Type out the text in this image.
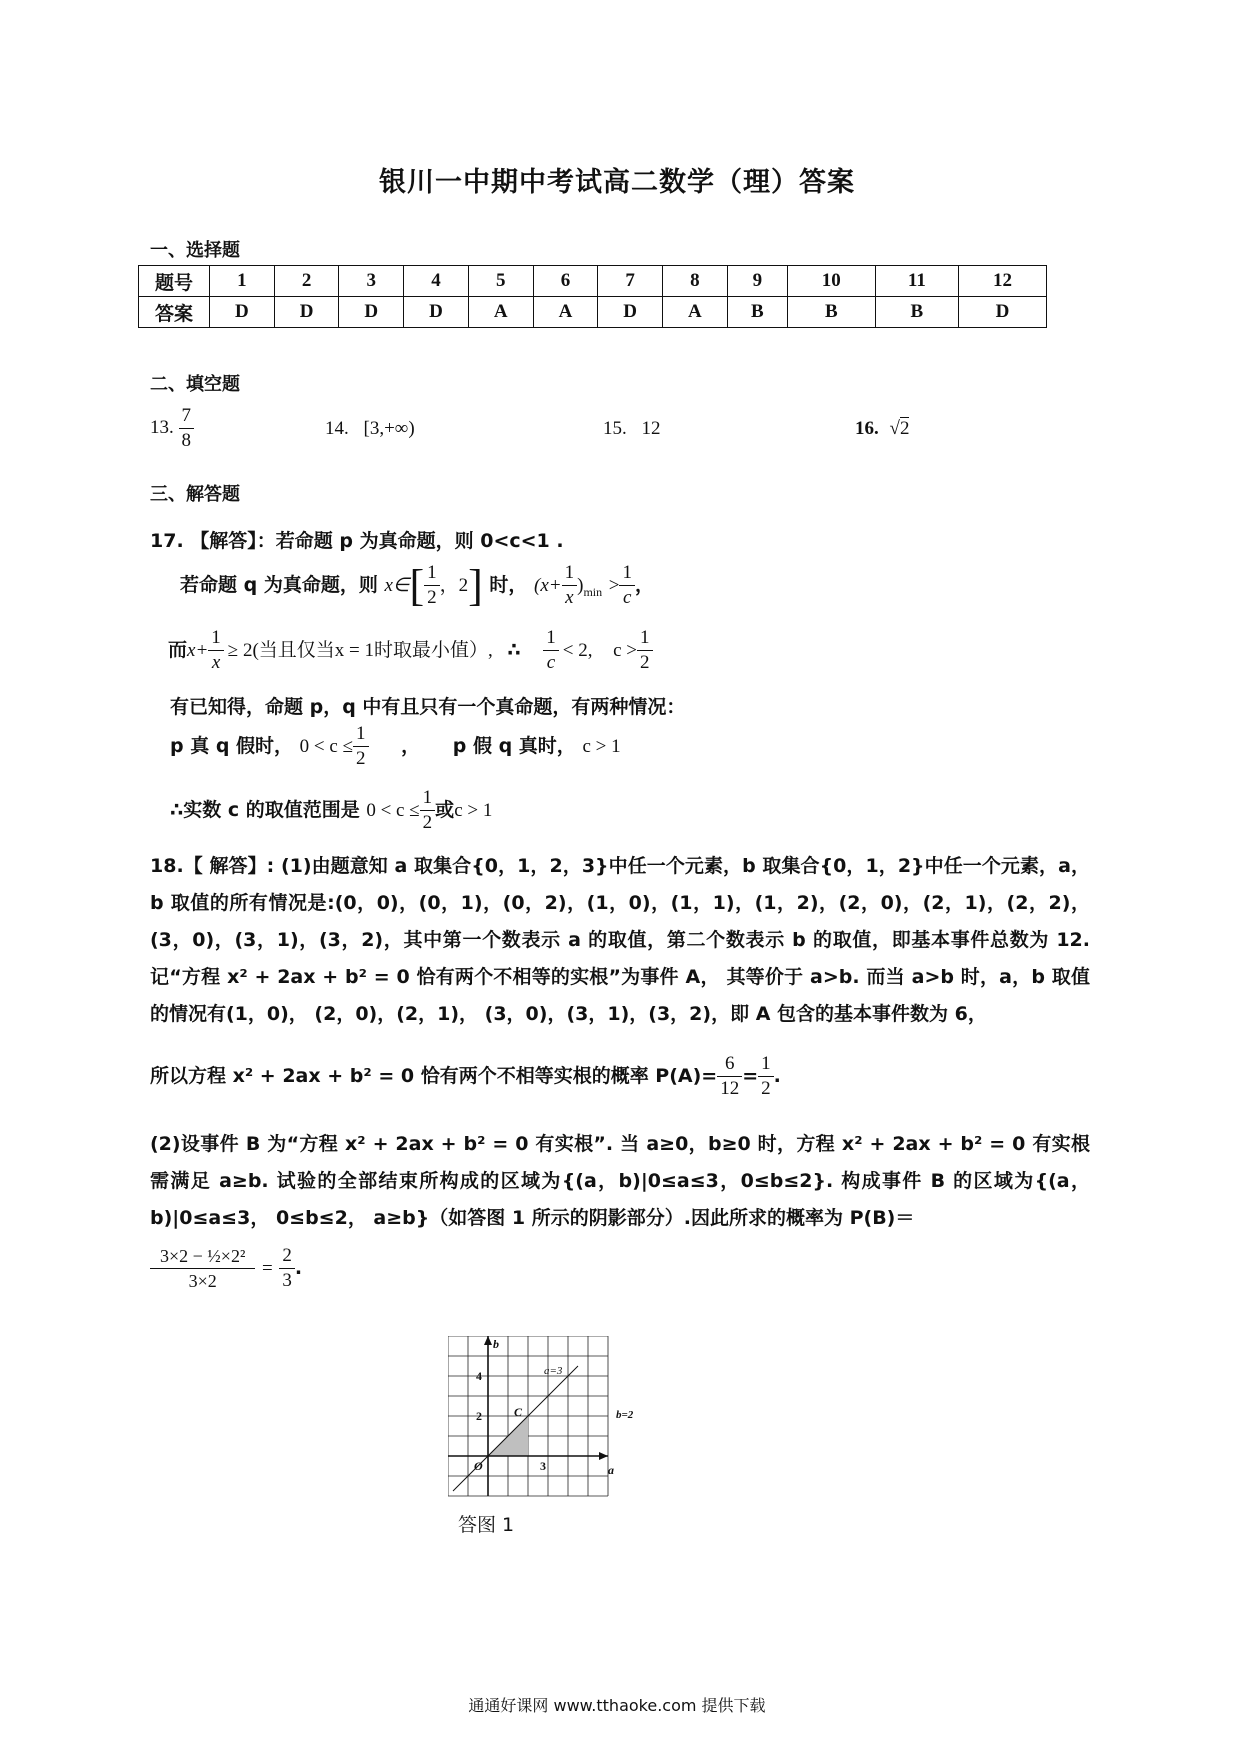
银川一中期中考试高二数学（理）答案
一、选择题
题号	1	2	3	4	5	6	7	8	9	10	11	12
答案	D	D	D	D	A	A	D	A	B	B	B	D
二、填空题
13. $\frac{7}{8}$	14. [3,+∞)	15. 12	16. √2
三、解答题
17. 【解答】：若命题 p 为真命题，则 0<c<1 .
若命题 q 为真命题，则 x∈[ $\frac{1}{2}$ ，2] 时， $(x+ \frac{1}{x} )_{min} > \frac{1}{c}$ ，
而$x+ \frac{1}{x} \ge 2$(当且仅当x = 1时取最小值）, ∴ $\frac{1}{c} < 2$, $c > \frac{1}{2}$
有已知得，命题 p，q 中有且只有一个真命题，有两种情况：
p 真 q 假时， $0 < c \le \frac{1}{2}$ ， p 假 q 真时， c > 1
∴实数 c 的取值范围是 $0 < c \le \frac{1}{2}$ 或c > 1
18.【 解答】: (1)由题意知 a 取集合{0，1，2，3}中任一个元素，b 取集合{0，1，2}中任一个元素，a，b 取值的所有情况是:(0，0)，(0，1)，(0，2)，(1，0)，(1，1)，(1，2)，(2，0)，(2，1)，(2，2)，(3，0)，(3，1)，(3，2)，其中第一个数表示 a 的取值，第二个数表示 b 的取值，即基本事件总数为 12. 记“方程 x² + 2ax + b² = 0 恰有两个不相等的实根”为事件 A， 其等价于 a>b. 而当 a>b 时，a，b 取值的情况有(1，0)， (2，0)，(2，1)， (3，0)，(3，1)，(3，2)，即 A 包含的基本事件数为 6，
所以方程 x² + 2ax + b² = 0 恰有两个不相等实根的概率 $P(A)= \frac{6}{12} = \frac{1}{2}$ .
(2)设事件 B 为“方程 x² + 2ax + b² = 0 有实根”. 当 a≥0，b≥0 时，方程 x² + 2ax + b² = 0 有实根需满足 a≥b. 试验的全部结束所构成的区域为{(a，b)|0≤a≤3，0≤b≤2}. 构成事件 B 的区域为{(a，b)|0≤a≤3， 0≤b≤2， a≥b}（如答图 1 所示的阴影部分）.因此所求的概率为 P(B)＝
$\frac{\text{3×2 − ½×2²}}{3\times 2} = \frac{2}{3}$ .
b
a
O
4
2
3
C
a=3
b=2
答图 1
通通好课网 www.tthaoke.com 提供下载
